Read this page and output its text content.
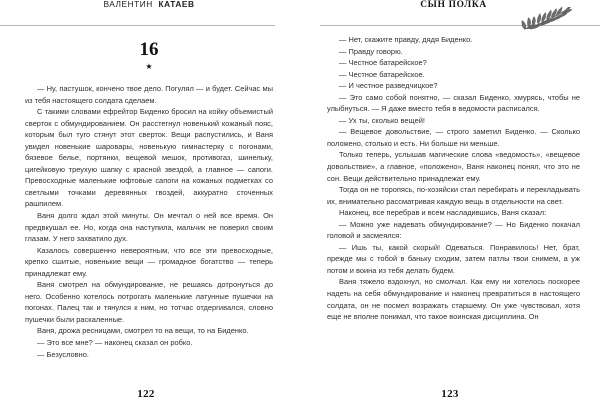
ВАЛЕНТИН КАТАЕВ
16
★

— Ну, пастушок, кончено твое дело. Погулял — и будет. Сейчас мы из тебя настоящего солдата сделаем.

С такими словами ефрейтор Биденко бросил на койку объемистый сверток с обмундированием. Он расстегнул новенький кожаный пояс, которым был туго стянут этот сверток. Вещи распустились, и Ваня увидел новенькие шаровары, новенькую гимнастерку с погонами, бязевое белье, портянки, вещевой мешок, противогаз, шинельку, цигейковую треухую шапку с красной звездой, а главное — сапоги. Превосходные маленькие юфтовые сапоги на кожаных подметках со светлыми точками деревянных гвоздей, аккуратно сточенных рашпилем.

Ваня долго ждал этой минуты. Он мечтал о ней все время. Он предвкушал ее. Но, когда она наступила, мальчик не поверил своим глазам. У него захватило дух.

Казалось совершенно невероятным, что все эти превосходные, крепко сшитые, новенькие вещи — громадное богатство — теперь принадлежат ему.

Ваня смотрел на обмундирование, не решаясь дотронуться до него. Особенно хотелось потрогать маленькие латунные пушечки на погонах. Палец так и тянулся к ним, но тотчас отдергивался, словно пушечки были раскаленные.

Ваня, дрожа ресницами, смотрел то на вещи, то на Биденко.

— Это все мне? — наконец сказал он робко.

— Безусловно.

122
СЫН ПОЛКА

— Нет, скажите правду, дядя Биденко.

— Правду говорю.

— Честное батарейское?

— Честное батарейское.

— И честное разведчицкое?

— Это само собой понятно, — сказал Биденко, хмурясь, чтобы не улыбнуться. — Я даже вместо тебя в ведомости расписался.

— Ух ты, сколько вещей!

— Вещевое довольствие, — строго заметил Биденко. — Сколько положено, столько и есть. Ни больше ни меньше.

Только теперь, услышав магические слова «ведомость», «вещевое довольствие», а главное, «положено», Ваня наконец понял, что это не сон. Вещи действительно принадлежат ему.

Тогда он не торопясь, по-хозяйски стал перебирать и перекладывать их, внимательно рассматривая каждую вещь в отдельности на свет.

Наконец, все перебрав и всем насладившись, Ваня сказал:

— Можно уже надевать обмундирование? — Но Биденко покачал головой и засмеялся:

— Ишь ты, какой скорый! Одеваться. Понравилось! Нет, брат, прежде мы с тобой в баньку сходим, затем патлы твои снимем, а уж потом и воина из тебя делать будем.

Ваня тяжело вздохнул, но смолчал. Как ему ни хотелось поскорее надеть на себя обмундирование и наконец превратиться в настоящего солдата, он не посмел возражать старшему. Он уже чувствовал, хотя еще не вполне понимал, что такое воинская дисциплина. Он

123
